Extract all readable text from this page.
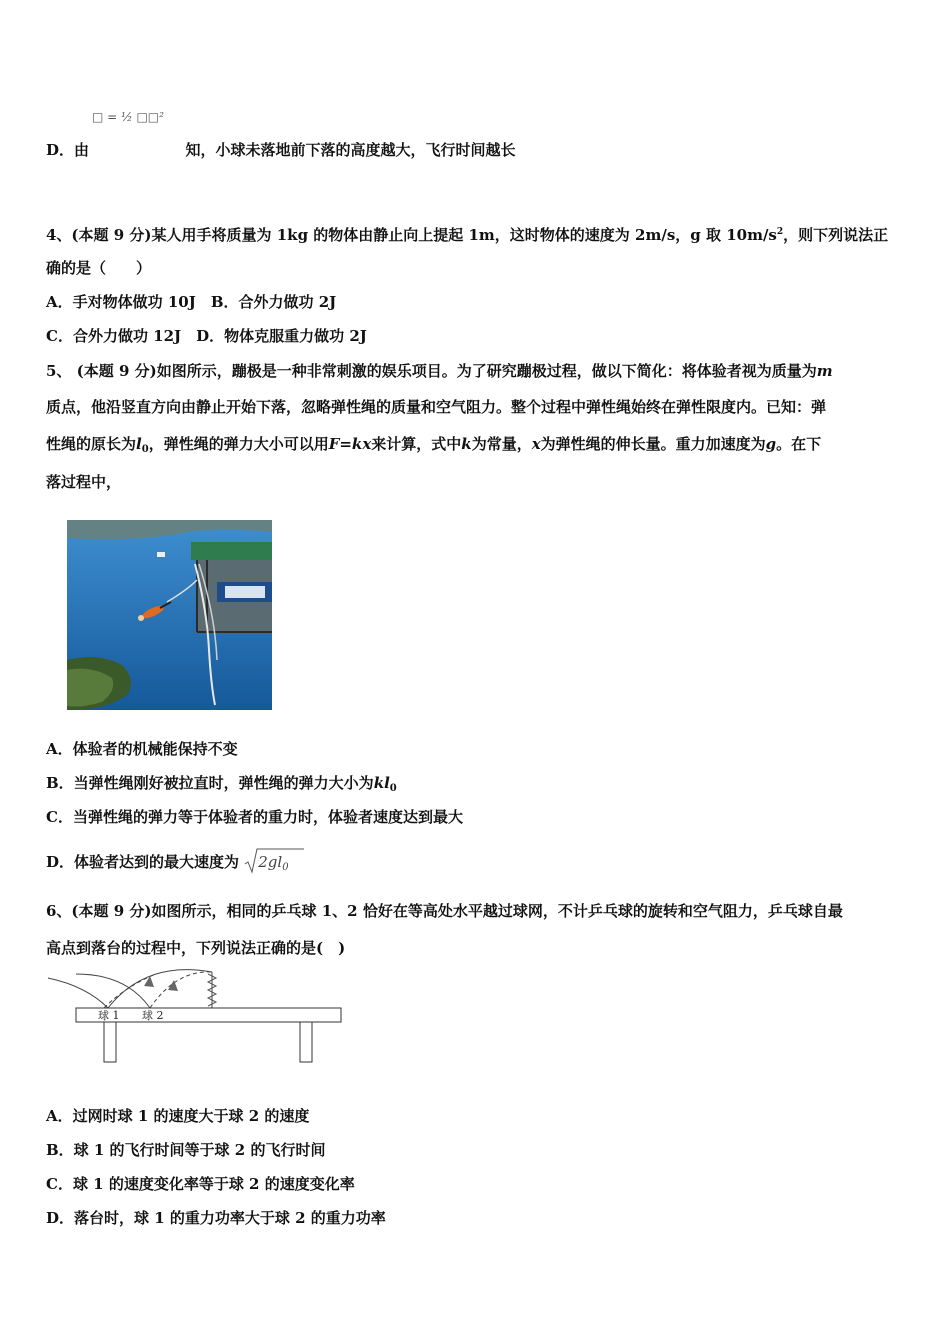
□ = ½ □□²
D．由	知，小球未落地前下落的高度越大，飞行时间越长
4、(本题 9 分)某人用手将质量为 1kg 的物体由静止向上提起 1m，这时物体的速度为 2m/s，g 取 $10m/s^2$，则下列说法正
确的是（　　）
A．手对物体做功 10J　B．合外力做功 2J
C．合外力做功 12J　D．物体克服重力做功 2J
5、 (本题 9 分)如图所示，蹦极是一种非常刺激的娱乐项目。为了研究蹦极过程，做以下简化：将体验者视为质量为m
质点，他沿竖直方向由静止开始下落，忽略弹性绳的质量和空气阻力。整个过程中弹性绳始终在弹性限度内。已知：弹
性绳的原长为$l_0$，弹性绳的弹力大小可以用F=kx来计算，式中k为常量，x为弹性绳的伸长量。重力加速度为g。在下
落过程中，
A．体验者的机械能保持不变
B．当弹性绳刚好被拉直时，弹性绳的弹力大小为$kl_0$
C．当弹性绳的弹力等于体验者的重力时，体验者速度达到最大
D．体验者达到的最大速度为 $2gl_0$
6、(本题 9 分)如图所示，相同的乒乓球 1、2 恰好在等高处水平越过球网，不计乒乓球的旋转和空气阻力，乒乓球自最
高点到落台的过程中，下列说法正确的是(　)
球 1 球 2
A．过网时球 1 的速度大于球 2 的速度
B．球 1 的飞行时间等于球 2 的飞行时间
C．球 1 的速度变化率等于球 2 的速度变化率
D．落台时，球 1 的重力功率大于球 2 的重力功率
